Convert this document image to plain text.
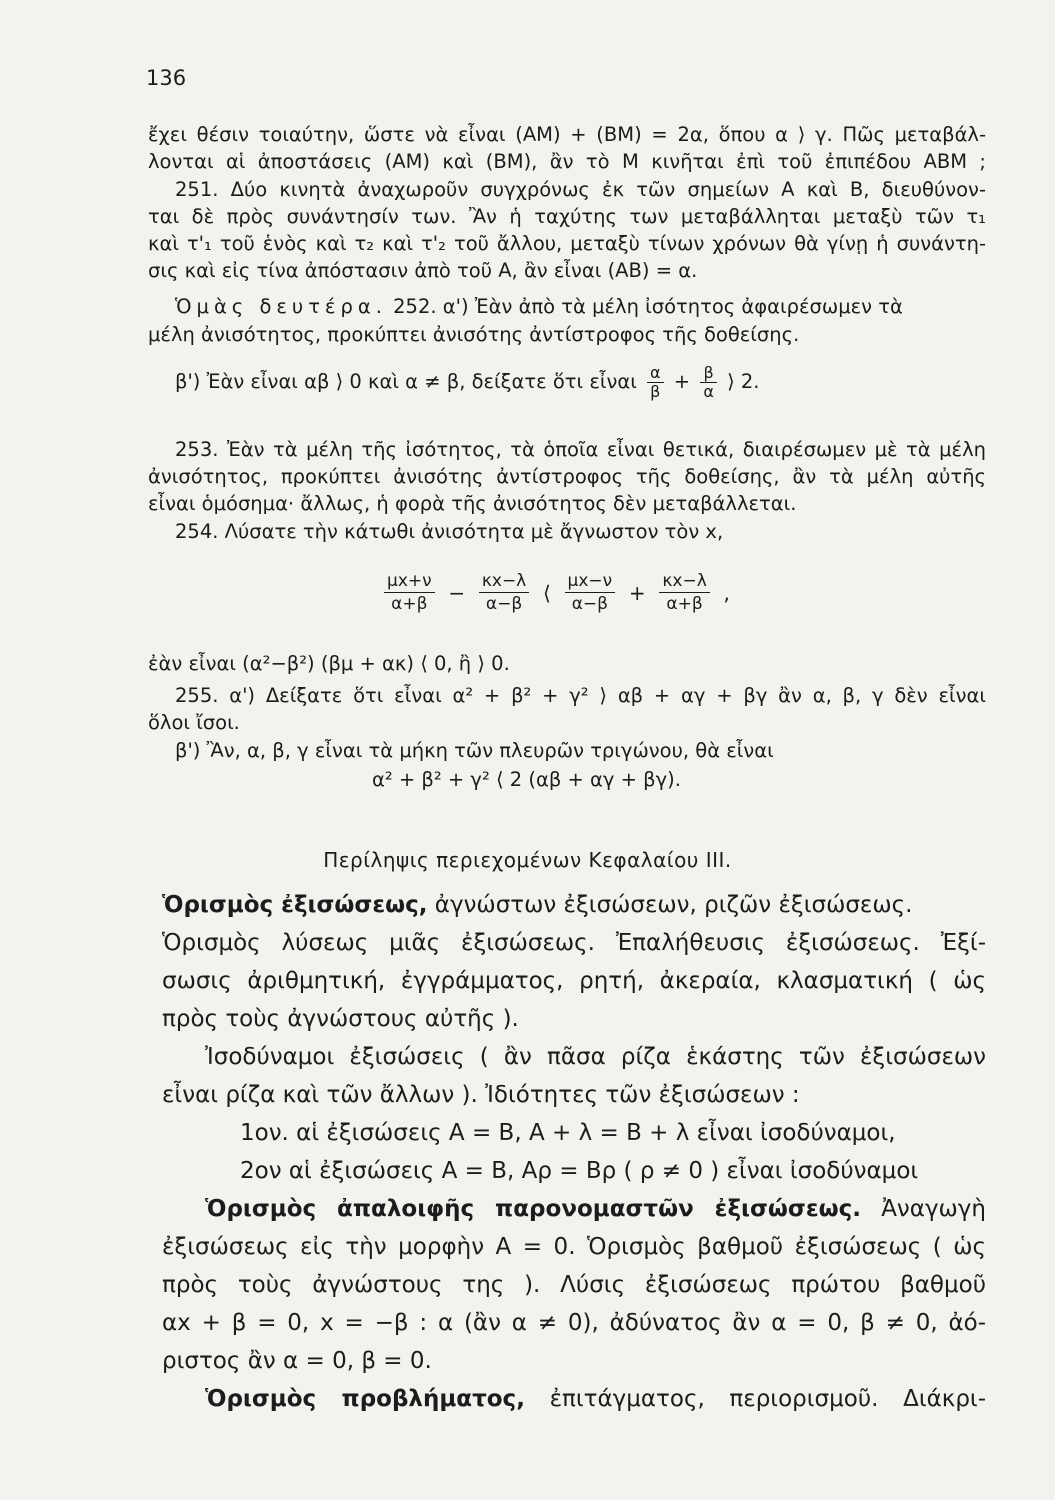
136
ἔχει θέσιν τοιαύτην, ὥστε νὰ εἶναι (ΑΜ) + (ΒΜ) = 2α, ὅπου α ⟩ γ. Πῶς μεταβάλ-
λονται αἱ ἀποστάσεις (ΑΜ) καὶ (ΒΜ), ἂν τὸ Μ κινῆται ἐπὶ τοῦ ἐπιπέδου ΑΒΜ ;
251. Δύο κινητὰ ἀναχωροῦν συγχρόνως ἐκ τῶν σημείων Α καὶ Β, διευθύνον-
ται δὲ πρὸς συνάντησίν των. Ἂν ἡ ταχύτης των μεταβάλληται μεταξὺ τῶν τ₁
καὶ τ'₁ τοῦ ἑνὸς καὶ τ₂ καὶ τ'₂ τοῦ ἄλλου, μεταξὺ τίνων χρόνων θὰ γίνῃ ἡ συνάντη-
σις καὶ εἰς τίνα ἀπόστασιν ἀπὸ τοῦ Α, ἂν εἶναι (ΑΒ) = α.
Ὁμὰς δευτέρα. 252. α') Ἐὰν ἀπὸ τὰ μέλη ἰσότητος ἀφαιρέσωμεν τὰ
μέλη ἀνισότητος, προκύπτει ἀνισότης ἀντίστροφος τῆς δοθείσης.
β') Ἐὰν εἶναι αβ ⟩ 0 καὶ α ≠ β, δείξατε ὅτι εἶναι $\frac{\alpha}{\beta} + \frac{\beta}{\alpha}$ ⟩ 2.
253. Ἐὰν τὰ μέλη τῆς ἰσότητος, τὰ ὁποῖα εἶναι θετικά, διαιρέσωμεν μὲ τὰ μέλη
ἀνισότητος, προκύπτει ἀνισότης ἀντίστροφος τῆς δοθείσης, ἂν τὰ μέλη αὐτῆς
εἶναι ὁμόσημα· ἄλλως, ἡ φορὰ τῆς ἀνισότητος δὲν μεταβάλλεται.
254. Λύσατε τὴν κάτωθι ἀνισότητα μὲ ἄγνωστον τὸν x,
$\frac{\mu x+\nu}{\alpha+\beta} - \frac{\kappa x-\lambda}{\alpha-\beta}$ ⟨ $\frac{\mu x-\nu}{\alpha-\beta} + \frac{\kappa x-\lambda}{\alpha+\beta}$ ,
ἐὰν εἶναι (α²−β²) (βμ + ακ) ⟨ 0, ἢ ⟩ 0.
255. α') Δείξατε ὅτι εἶναι α² + β² + γ² ⟩ αβ + αγ + βγ ἂν α, β, γ δὲν εἶναι
ὅλοι ἴσοι.
β') Ἂν, α, β, γ εἶναι τὰ μήκη τῶν πλευρῶν τριγώνου, θὰ εἶναι
α² + β² + γ² ⟨ 2 (αβ + αγ + βγ).
Περίληψις περιεχομένων Κεφαλαίου ΙΙΙ.
Ὁρισμὸς ἐξισώσεως, ἀγνώστων ἐξισώσεων, ριζῶν ἐξισώσεως.
Ὁρισμὸς λύσεως μιᾶς ἐξισώσεως. Ἐπαλήθευσις ἐξισώσεως. Ἐξί-
σωσις ἀριθμητική, ἐγγράμματος, ρητή, ἀκεραία, κλασματική ( ὡς
πρὸς τοὺς ἀγνώστους αὐτῆς ).
Ἰσοδύναμοι ἐξισώσεις ( ἂν πᾶσα ρίζα ἑκάστης τῶν ἐξισώσεων
εἶναι ρίζα καὶ τῶν ἄλλων ). Ἰδιότητες τῶν ἐξισώσεων :
1ον. αἱ ἐξισώσεις Α = Β, Α + λ = Β + λ εἶναι ἰσοδύναμοι,
2ον αἱ ἐξισώσεις Α = Β, Αρ = Βρ ( ρ ≠ 0 ) εἶναι ἰσοδύναμοι
Ὁρισμὸς ἀπαλοιφῆς παρονομαστῶν ἐξισώσεως. Ἀναγωγὴ
ἐξισώσεως εἰς τὴν μορφὴν Α = 0. Ὁρισμὸς βαθμοῦ ἐξισώσεως ( ὡς
πρὸς τοὺς ἀγνώστους της ). Λύσις ἐξισώσεως πρώτου βαθμοῦ
αx + β = 0, x = −β : α (ἂν α ≠ 0), ἀδύνατος ἂν α = 0, β ≠ 0, ἀό-
ριστος ἂν α = 0, β = 0.
Ὁρισμὸς προβλήματος, ἐπιτάγματος, περιορισμοῦ. Διάκρι-
